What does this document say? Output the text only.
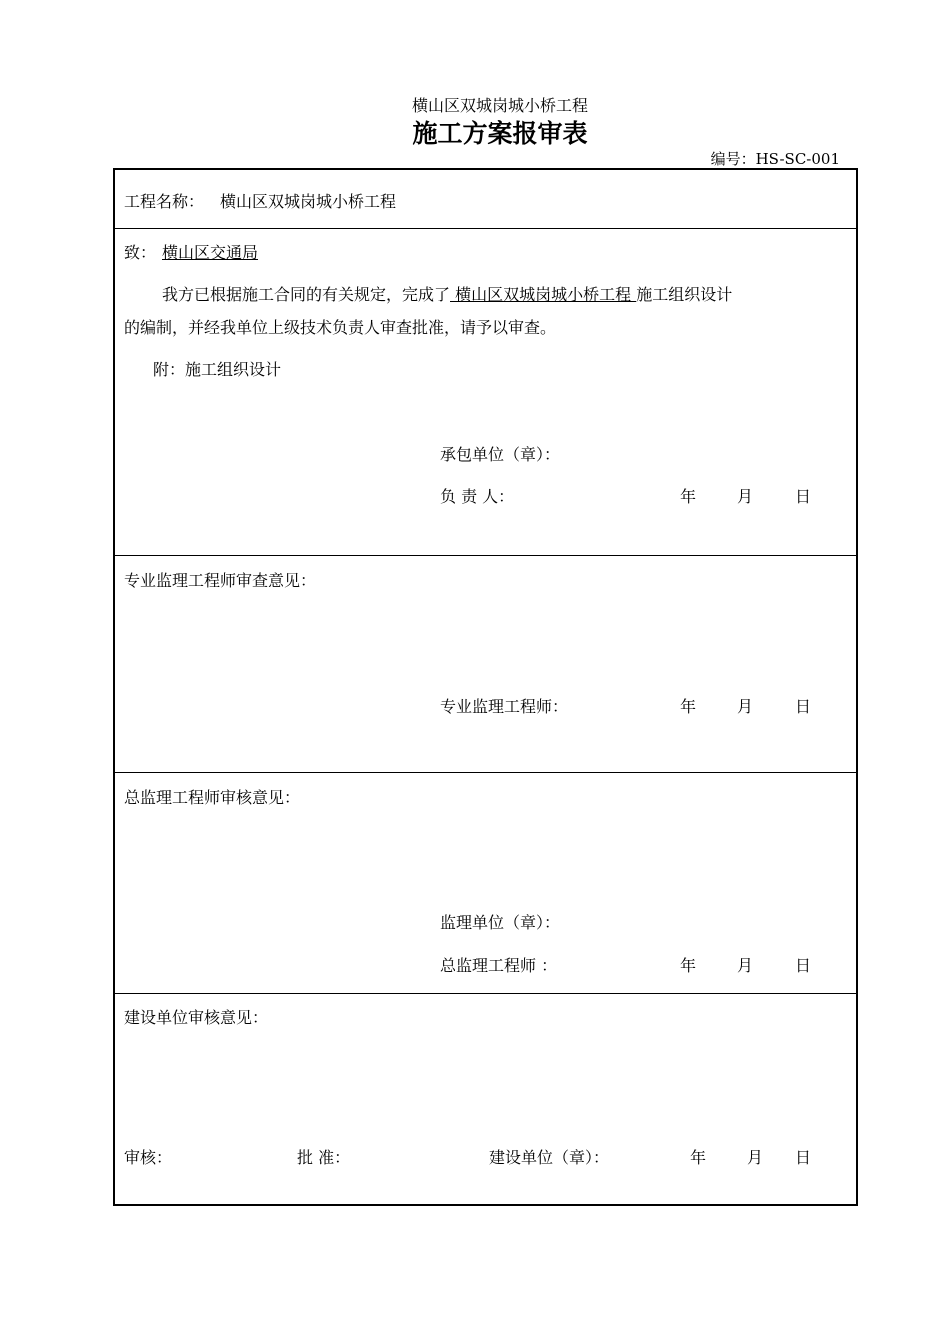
横山区双城岗城小桥工程
施工方案报审表
编号：HS-SC-001
工程名称： 横山区双城岗城小桥工程
致： 横山区交通局
我方已根据施工合同的有关规定，完成了 横山区双城岗城小桥工程 施工组织设计
的编制，并经我单位上级技术负责人审查批准，请予以审查。
附：施工组织设计
承包单位（章）：
负 责 人：	年	月	日
专业监理工程师审查意见：
专业监理工程师：	年	月	日
总监理工程师审核意见：
监理单位（章）：
总监理工程师 ：	年	月	日
建设单位审核意见：
审核：	批 准：	建设单位（章）：	年	月 日
